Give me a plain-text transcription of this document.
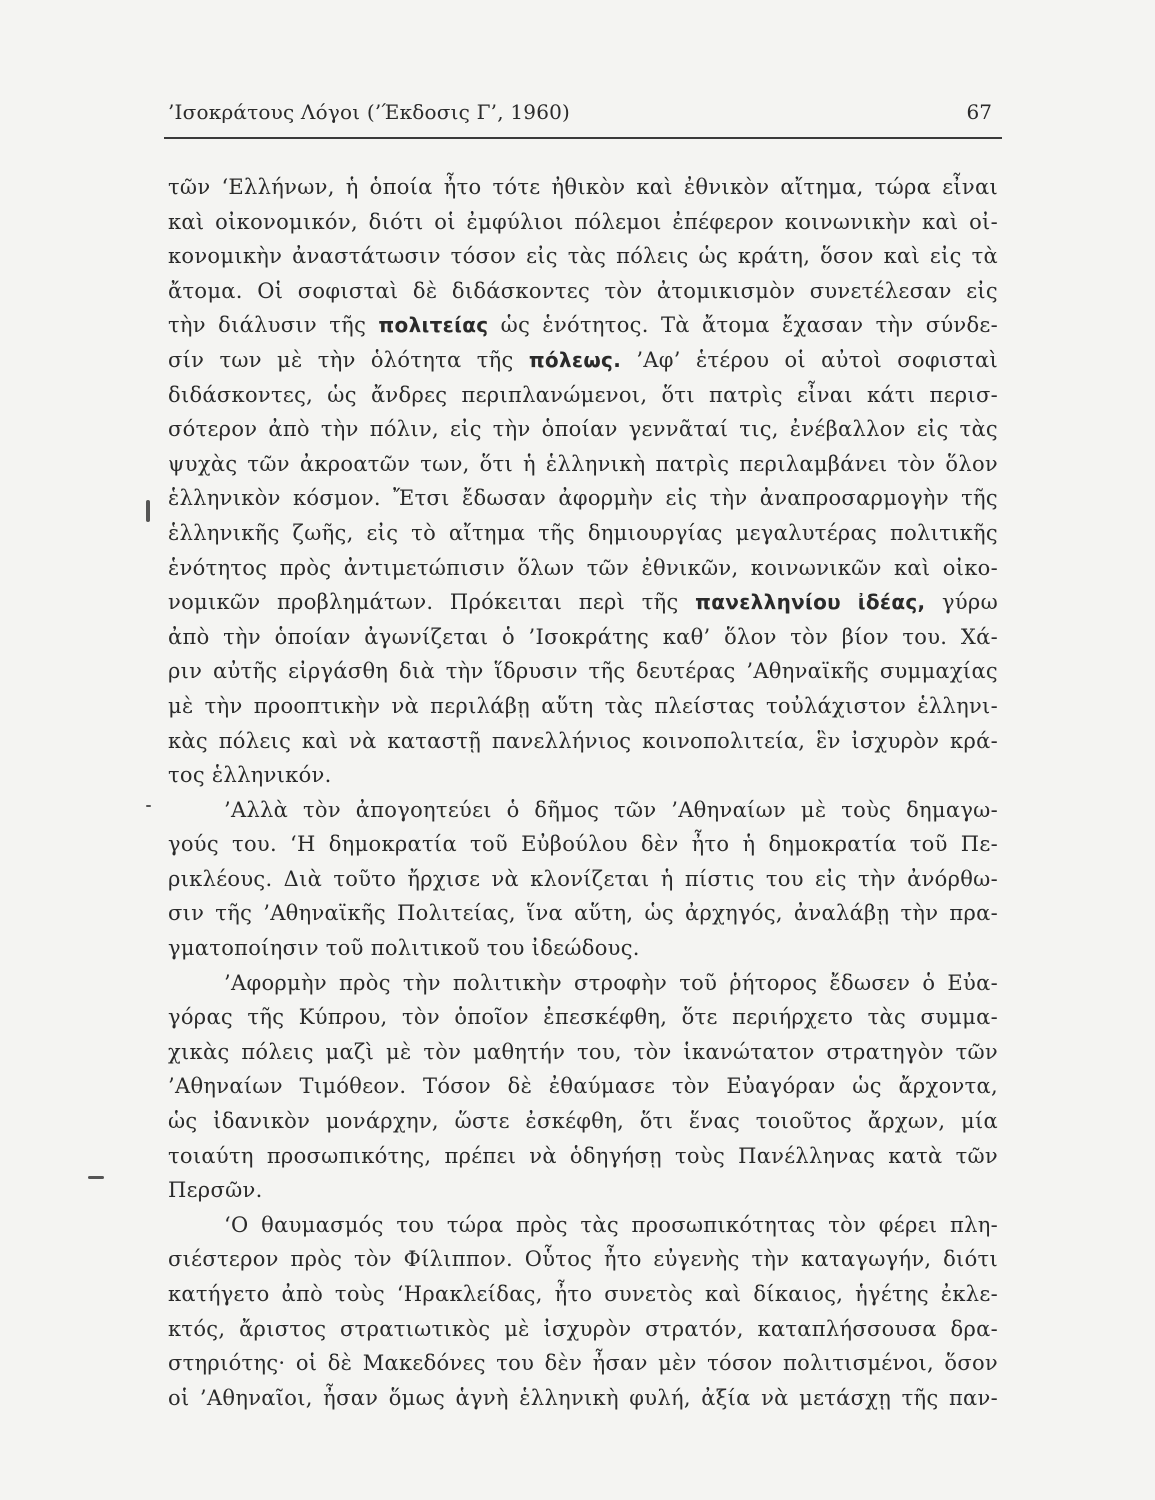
’Ισοκράτους Λόγοι (’Έκδοσις Γ’, 1960)	67
τῶν ‘Ελλήνων, ἡ ὁποία ἦτο τότε ἠθικὸν καὶ ἐθνικὸν αἴτημα, τώρα εἶναι
καὶ οἰκονομικόν, διότι οἱ ἐμφύλιοι πόλεμοι ἐπέφερον κοινωνικὴν καὶ οἰ-
κονομικὴν ἀναστάτωσιν τόσον εἰς τὰς πόλεις ὡς κράτη, ὅσον καὶ εἰς τὰ
ἄτομα. Οἱ σοφισταὶ δὲ διδάσκοντες τὸν ἀτομικισμὸν συνετέλεσαν εἰς
τὴν διάλυσιν τῆς πολιτείας ὡς ἑνότητος. Τὰ ἄτομα ἔχασαν τὴν σύνδε-
σίν των μὲ τὴν ὁλότητα τῆς πόλεως. ’Αφ’ ἑτέρου οἱ αὐτοὶ σοφισταὶ
διδάσκοντες, ὡς ἄνδρες περιπλανώμενοι, ὅτι πατρὶς εἶναι κάτι περισ-
σότερον ἀπὸ τὴν πόλιν, εἰς τὴν ὁποίαν γεννᾶταί τις, ἐνέβαλλον εἰς τὰς
ψυχὰς τῶν ἀκροατῶν των, ὅτι ἡ ἑλληνικὴ πατρὶς περιλαμβάνει τὸν ὅλον
ἑλληνικὸν κόσμον. Ἔτσι ἔδωσαν ἀφορμὴν εἰς τὴν ἀναπροσαρμογὴν τῆς
ἑλληνικῆς ζωῆς, εἰς τὸ αἴτημα τῆς δημιουργίας μεγαλυτέρας πολιτικῆς
ἑνότητος πρὸς ἀντιμετώπισιν ὅλων τῶν ἐθνικῶν, κοινωνικῶν καὶ οἰκο-
νομικῶν προβλημάτων. Πρόκειται περὶ τῆς πανελληνίου ἰδέας, γύρω
ἀπὸ τὴν ὁποίαν ἀγωνίζεται ὁ ’Ισοκράτης καθ’ ὅλον τὸν βίον του. Χά-
ριν αὐτῆς εἰργάσθη διὰ τὴν ἵδρυσιν τῆς δευτέρας ’Αθηναϊκῆς συμμαχίας
μὲ τὴν προοπτικὴν νὰ περιλάβῃ αὕτη τὰς πλείστας τοὐλάχιστον ἑλληνι-
κὰς πόλεις καὶ νὰ καταστῇ πανελλήνιος κοινοπολιτεία, ἓν ἰσχυρὸν κρά-
τος ἑλληνικόν.
’Αλλὰ τὸν ἀπογοητεύει ὁ δῆμος τῶν ’Αθηναίων μὲ τοὺς δημαγω-
γούς του. ‘Η δημοκρατία τοῦ Εὐβούλου δὲν ἦτο ἡ δημοκρατία τοῦ Πε-
ρικλέους. Διὰ τοῦτο ἤρχισε νὰ κλονίζεται ἡ πίστις του εἰς τὴν ἀνόρθω-
σιν τῆς ’Αθηναϊκῆς Πολιτείας, ἵνα αὕτη, ὡς ἀρχηγός, ἀναλάβῃ τὴν πρα-
γματοποίησιν τοῦ πολιτικοῦ του ἰδεώδους.
’Αφορμὴν πρὸς τὴν πολιτικὴν στροφὴν τοῦ ῥήτορος ἔδωσεν ὁ Εὐα-
γόρας τῆς Κύπρου, τὸν ὁποῖον ἐπεσκέφθη, ὅτε περιήρχετο τὰς συμμα-
χικὰς πόλεις μαζὶ μὲ τὸν μαθητήν του, τὸν ἱκανώτατον στρατηγὸν τῶν
’Αθηναίων Τιμόθεον. Τόσον δὲ ἐθαύμασε τὸν Εὐαγόραν ὡς ἄρχοντα,
ὡς ἰδανικὸν μονάρχην, ὥστε ἐσκέφθη, ὅτι ἕνας τοιοῦτος ἄρχων, μία
τοιαύτη προσωπικότης, πρέπει νὰ ὁδηγήσῃ τοὺς Πανέλληνας κατὰ τῶν
Περσῶν.
‘Ο θαυμασμός του τώρα πρὸς τὰς προσωπικότητας τὸν φέρει πλη-
σιέστερον πρὸς τὸν Φίλιππον. Οὗτος ἦτο εὐγενὴς τὴν καταγωγήν, διότι
κατήγετο ἀπὸ τοὺς ‘Ηρακλείδας, ἦτο συνετὸς καὶ δίκαιος, ἡγέτης ἐκλε-
κτός, ἄριστος στρατιωτικὸς μὲ ἰσχυρὸν στρατόν, καταπλήσσουσα δρα-
στηριότης· οἱ δὲ Μακεδόνες του δὲν ἦσαν μὲν τόσον πολιτισμένοι, ὅσον
οἱ ’Αθηναῖοι, ἦσαν ὅμως ἁγνὴ ἑλληνικὴ φυλή, ἀξία νὰ μετάσχῃ τῆς παν-
